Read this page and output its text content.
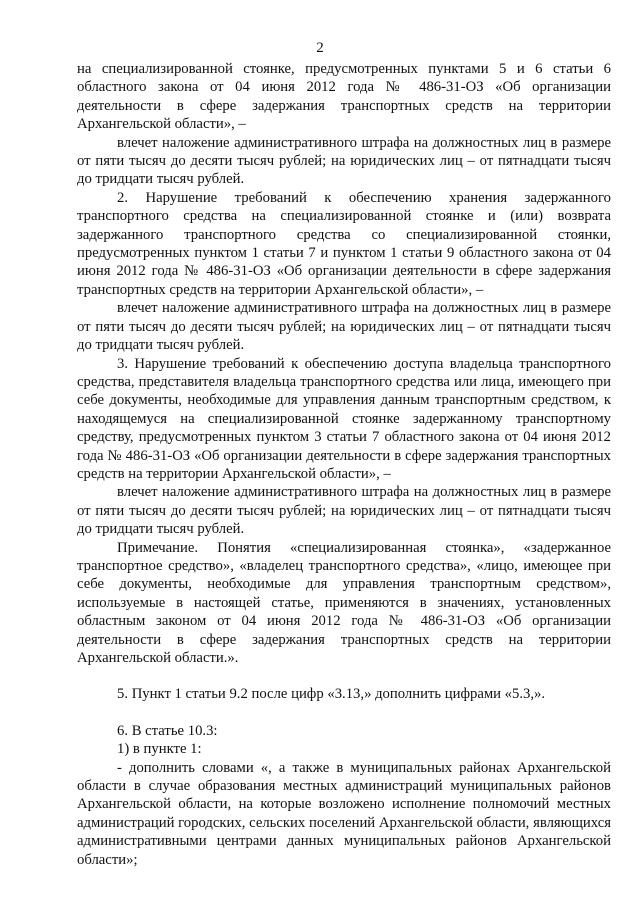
2

на специализированной стоянке, предусмотренных пунктами 5 и 6 статьи 6 областного закона от 04 июня 2012 года № 486-31-ОЗ «Об организации деятельности в сфере задержания транспортных средств на территории Архангельской области», –

влечет наложение административного штрафа на должностных лиц в размере от пяти тысяч до десяти тысяч рублей; на юридических лиц – от пятнадцати тысяч до тридцати тысяч рублей.

2. Нарушение требований к обеспечению хранения задержанного транспортного средства на специализированной стоянке и (или) возврата задержанного транспортного средства со специализированной стоянки, предусмотренных пунктом 1 статьи 7 и пунктом 1 статьи 9 областного закона от 04 июня 2012 года № 486-31-ОЗ «Об организации деятельности в сфере задержания транспортных средств на территории Архангельской области», –

влечет наложение административного штрафа на должностных лиц в размере от пяти тысяч до десяти тысяч рублей; на юридических лиц – от пятнадцати тысяч до тридцати тысяч рублей.

3. Нарушение требований к обеспечению доступа владельца транспортного средства, представителя владельца транспортного средства или лица, имеющего при себе документы, необходимые для управления данным транспортным средством, к находящемуся на специализированной стоянке задержанному транспортному средству, предусмотренных пунктом 3 статьи 7 областного закона от 04 июня 2012 года № 486-31-ОЗ «Об организации деятельности в сфере задержания транспортных средств на территории Архангельской области», –

влечет наложение административного штрафа на должностных лиц в размере от пяти тысяч до десяти тысяч рублей; на юридических лиц – от пятнадцати тысяч до тридцати тысяч рублей.

Примечание. Понятия «специализированная стоянка», «задержанное транспортное средство», «владелец транспортного средства», «лицо, имеющее при себе документы, необходимые для управления транспортным средством», используемые в настоящей статье, применяются в значениях, установленных областным законом от 04 июня 2012 года № 486-31-ОЗ «Об организации деятельности в сфере задержания транспортных средств на территории Архангельской области.».

5. Пункт 1 статьи 9.2 после цифр «3.13,» дополнить цифрами «5.3,».

6. В статье 10.3:

1) в пункте 1:

- дополнить словами «, а также в муниципальных районах Архангельской области в случае образования местных администраций муниципальных районов Архангельской области, на которые возложено исполнение полномочий местных администраций городских, сельских поселений Архангельской области, являющихся административными центрами данных муниципальных районов Архангельской области»;
